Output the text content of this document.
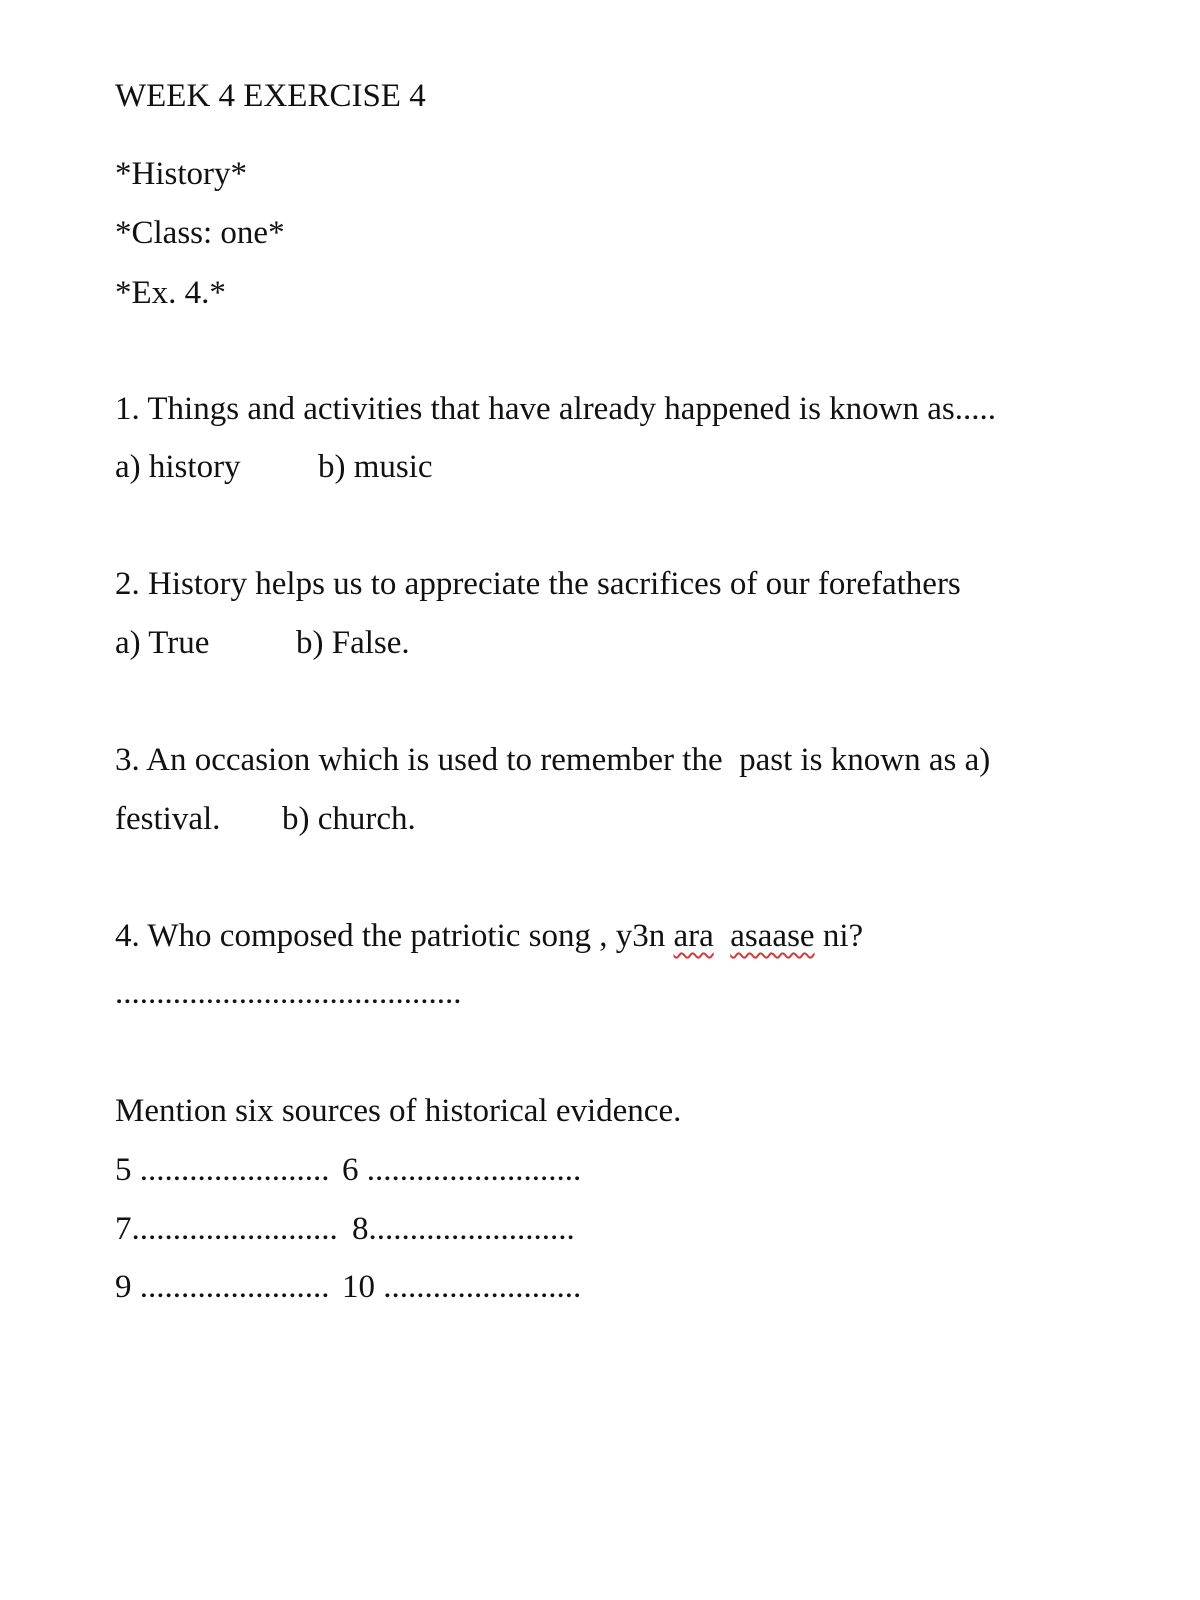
WEEK 4 EXERCISE 4
*History*
*Class: one*
*Ex. 4.*
1. Things and activities that have already happened is known as.....
a) history b) music
2. History helps us to appreciate the sacrifices of our forefathers
a) True	b) False.
3. An occasion which is used to remember the  past is known as a)
festival. b) church.
4. Who composed the patriotic song , y3n ara asaase ni?
..........................................
Mention six sources of historical evidence.
5 ....................... 6 ..........................
7......................... 8.........................
9 ....................... 10 ........................
